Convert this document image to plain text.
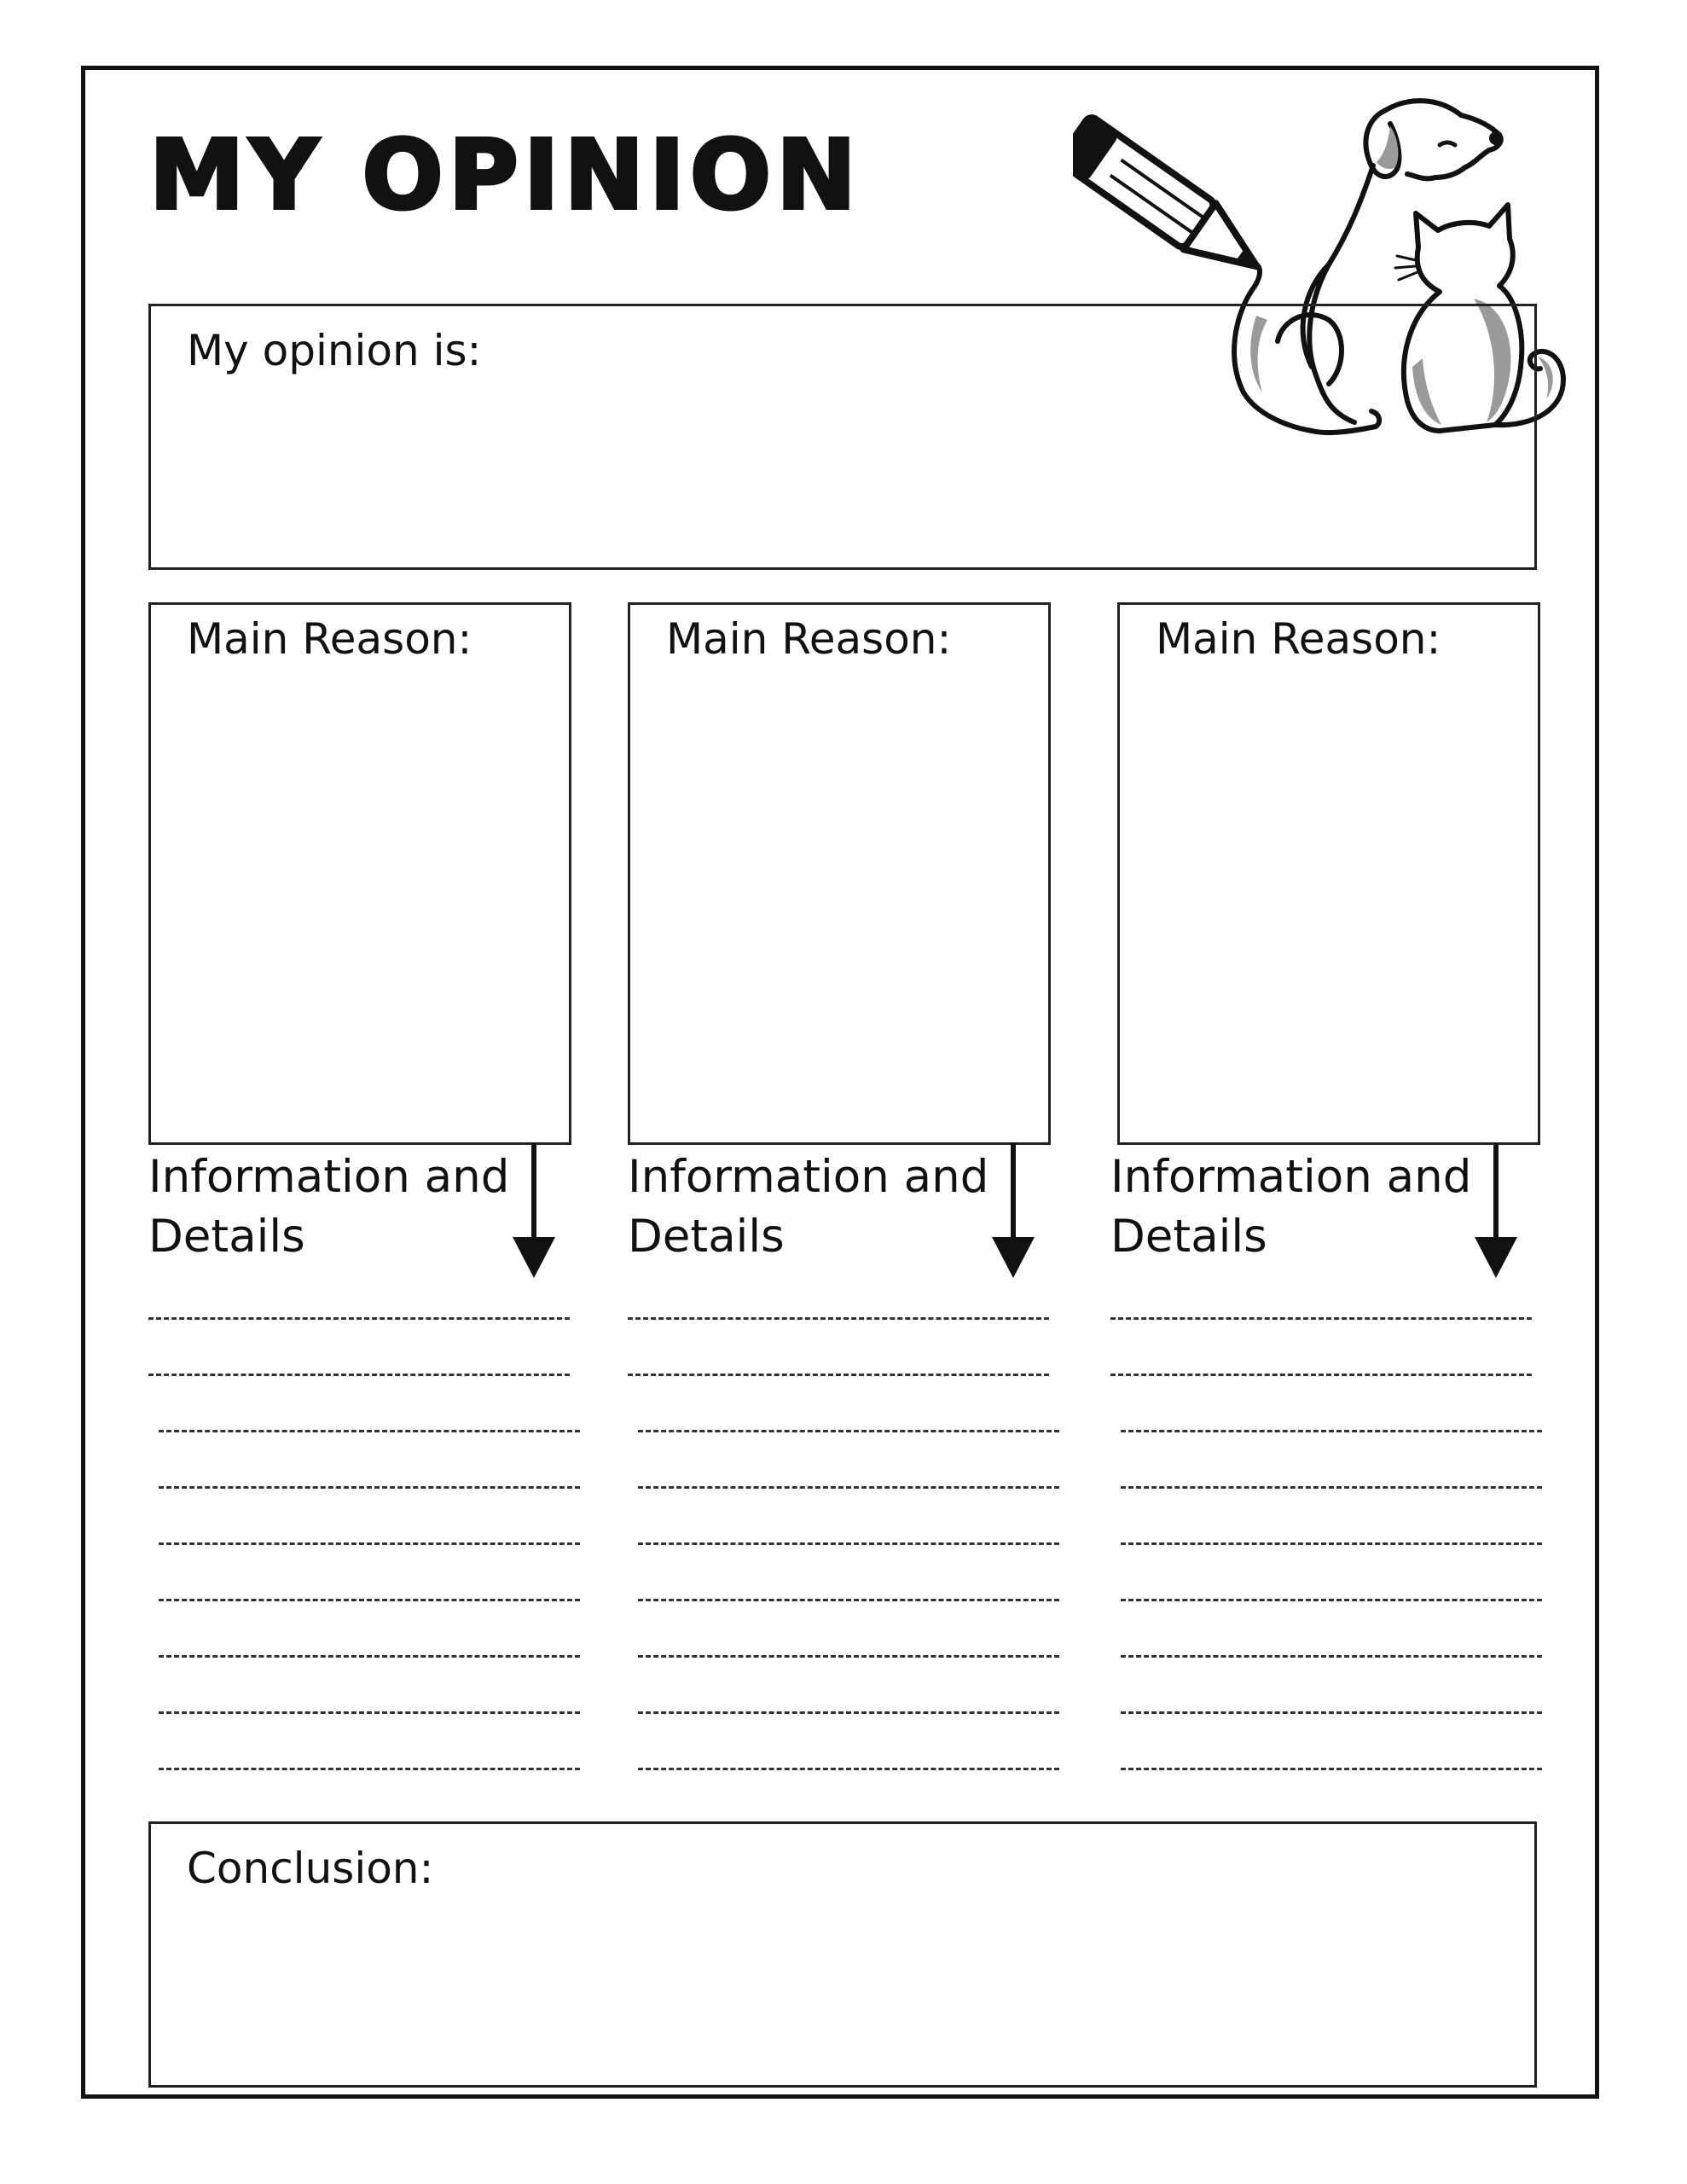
MY OPINION
My opinion is:
Main Reason:	Main Reason:	Main Reason:
Information and
Details
Information and
Details
Information and
Details
Conclusion:
